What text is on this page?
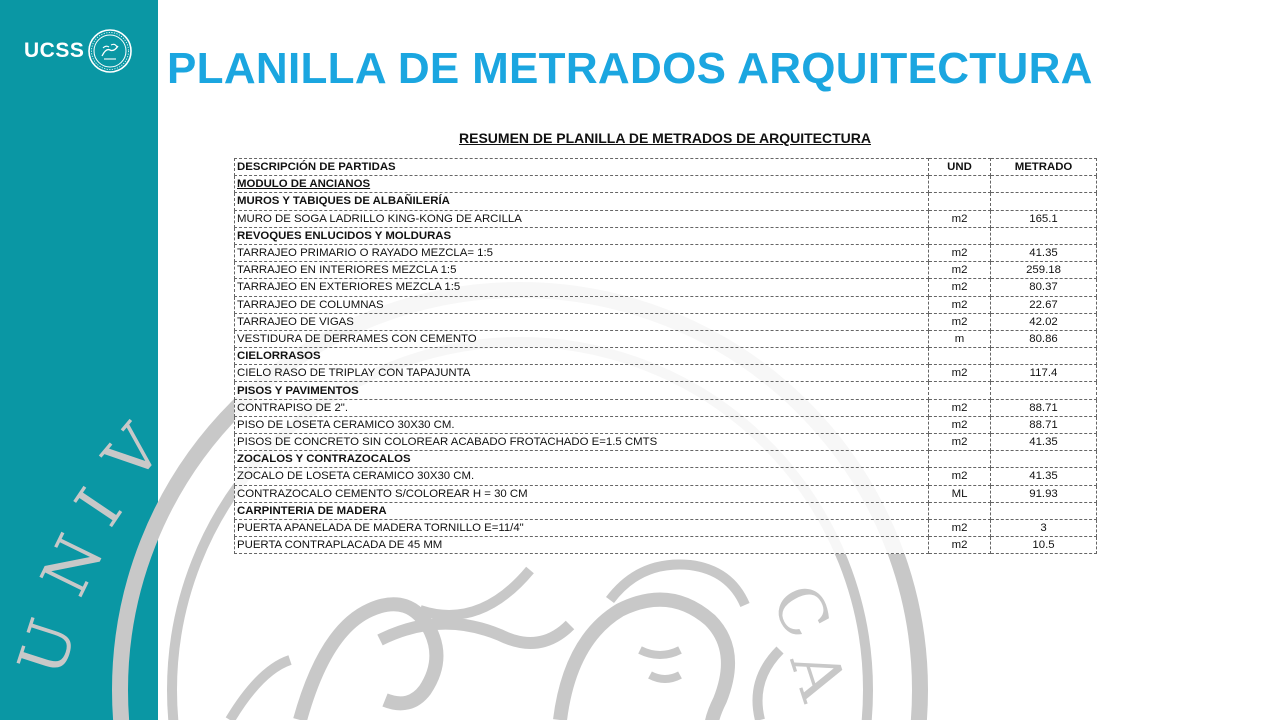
UCSS
U
N
I
V
C
A
PLANILLA DE METRADOS ARQUITECTURA
RESUMEN DE PLANILLA DE METRADOS DE ARQUITECTURA
DESCRIPCIÓN DE PARTIDAS	UND	METRADO
MODULO DE ANCIANOS		
MUROS Y TABIQUES DE ALBAÑILERÍA		
MURO DE SOGA LADRILLO KING-KONG DE ARCILLA	m2	165.1
REVOQUES ENLUCIDOS Y MOLDURAS		
TARRAJEO PRIMARIO O RAYADO MEZCLA= 1:5	m2	41.35
TARRAJEO EN INTERIORES MEZCLA 1:5	m2	259.18
TARRAJEO EN EXTERIORES MEZCLA 1:5	m2	80.37
TARRAJEO DE COLUMNAS	m2	22.67
TARRAJEO DE VIGAS	m2	42.02
VESTIDURA DE DERRAMES CON CEMENTO	m	80.86
CIELORRASOS		
CIELO RASO DE TRIPLAY CON TAPAJUNTA	m2	117.4
PISOS Y PAVIMENTOS		
CONTRAPISO DE 2".	m2	88.71
PISO DE LOSETA CERAMICO 30X30 CM.	m2	88.71
PISOS DE CONCRETO SIN COLOREAR ACABADO FROTACHADO E=1.5 CMTS	m2	41.35
ZOCALOS Y CONTRAZOCALOS		
ZOCALO DE LOSETA CERAMICO 30X30 CM.	m2	41.35
CONTRAZOCALO CEMENTO S/COLOREAR H = 30 CM	ML	91.93
CARPINTERIA DE MADERA		
PUERTA APANELADA DE MADERA TORNILLO E=11/4"	m2	3
PUERTA CONTRAPLACADA DE 45 MM	m2	10.5
